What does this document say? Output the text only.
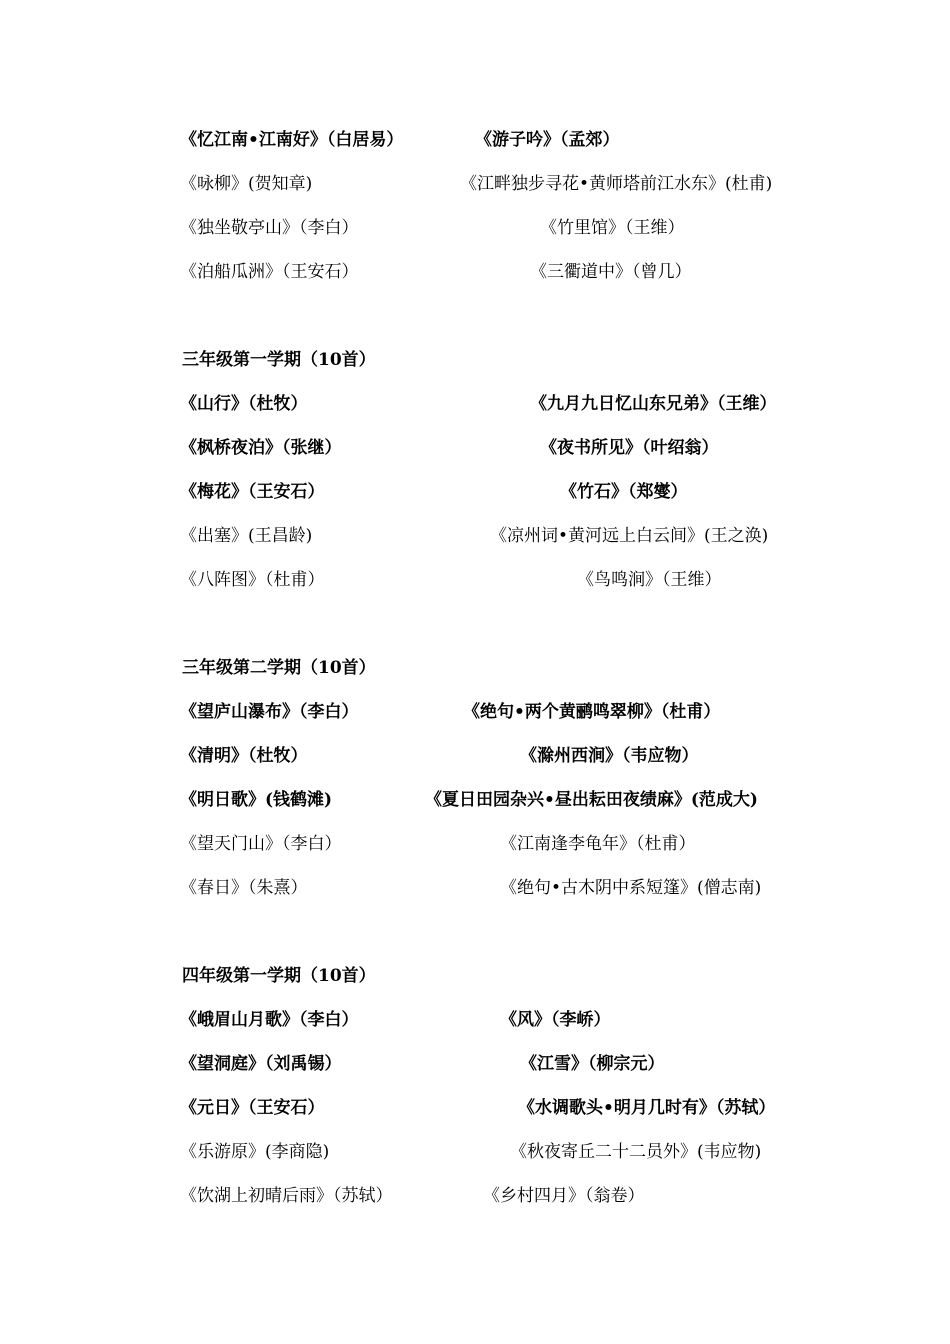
《忆江南•江南好》（白居易）	《游子吟》（孟郊）
《咏柳》(贺知章)	《江畔独步寻花•黄师塔前江水东》(杜甫)
《独坐敬亭山》（李白）	《竹里馆》（王维）
《泊船瓜洲》（王安石）	《三衢道中》（曾几）
三年级第一学期（10首）
《山行》（杜牧）	《九月九日忆山东兄弟》（王维）
《枫桥夜泊》（张继）	《夜书所见》（叶绍翁）
《梅花》（王安石）	《竹石》（郑燮）
《出塞》(王昌龄)	《凉州词•黄河远上白云间》(王之涣)
《八阵图》（杜甫）	《鸟鸣涧》（王维）
三年级第二学期（10首）
《望庐山瀑布》（李白）	《绝句•两个黄鹂鸣翠柳》（杜甫）
《清明》（杜牧）	《滁州西涧》（韦应物）
《明日歌》(钱鹤滩)	《夏日田园杂兴•昼出耘田夜绩麻》(范成大)
《望天门山》（李白）	《江南逢李龟年》（杜甫）
《春日》（朱熹）	《绝句•古木阴中系短篷》(僧志南)
四年级第一学期（10首）
《峨眉山月歌》（李白）	《风》（李峤）
《望洞庭》（刘禹锡）	《江雪》（柳宗元）
《元日》（王安石）	《水调歌头•明月几时有》（苏轼）
《乐游原》(李商隐)	《秋夜寄丘二十二员外》(韦应物)
《饮湖上初晴后雨》（苏轼）	《乡村四月》（翁卷）
